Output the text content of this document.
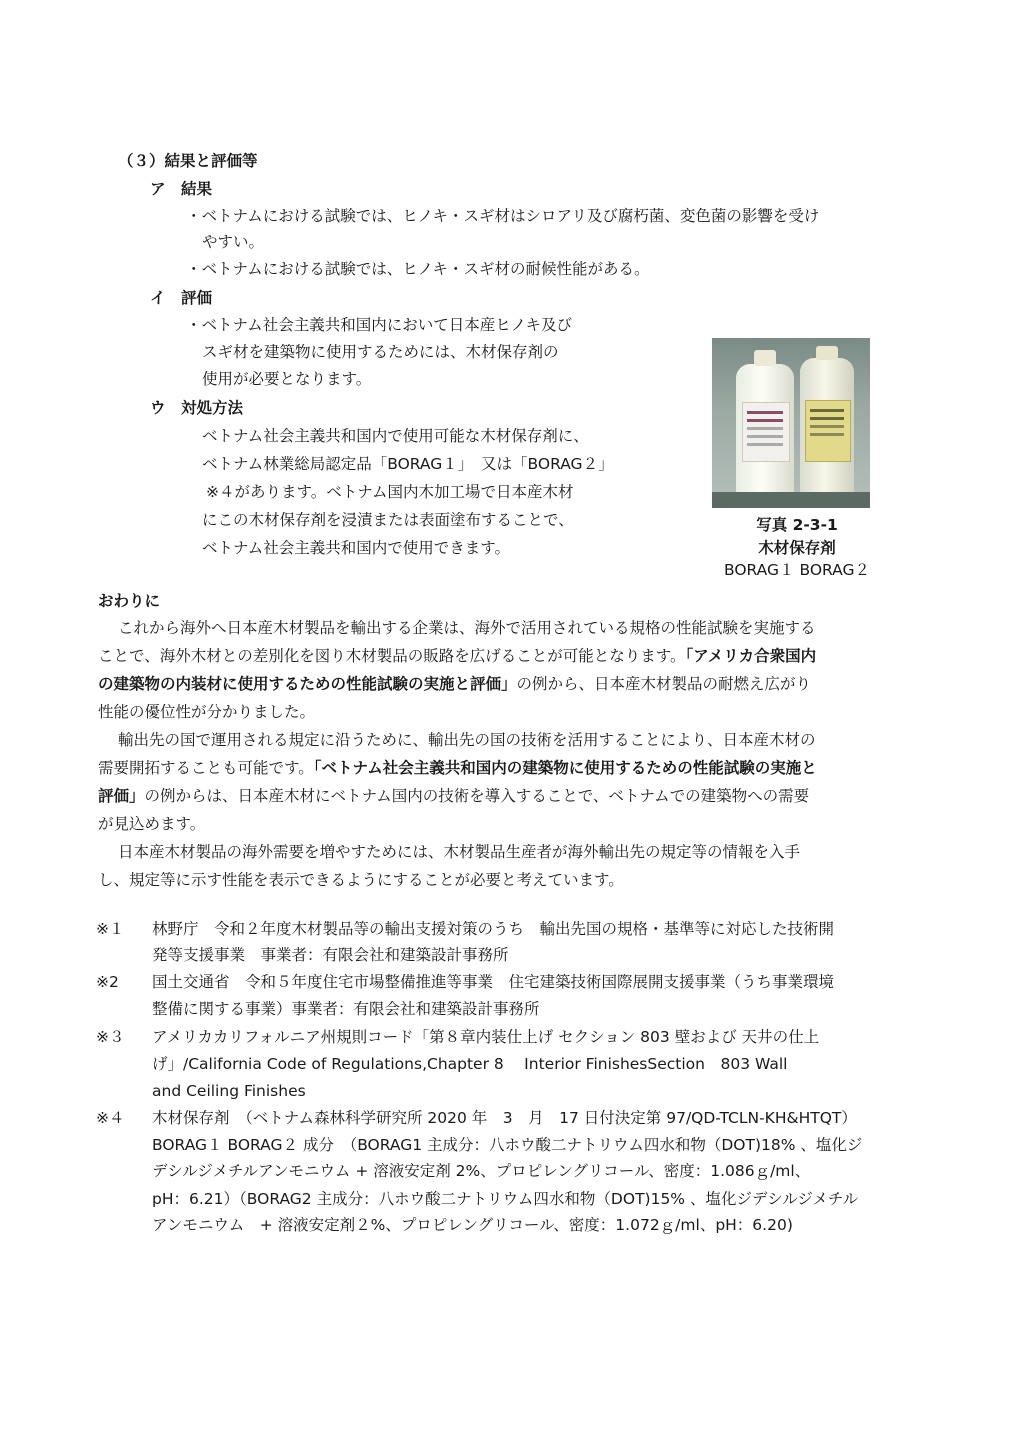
（３）結果と評価等
ア　結果
・ベトナムにおける試験では、ヒノキ・スギ材はシロアリ及び腐朽菌、変色菌の影響を受け
やすい。
・ベトナムにおける試験では、ヒノキ・スギ材の耐候性能がある。
イ　評価
・ベトナム社会主義共和国内において日本産ヒノキ及び
スギ材を建築物に使用するためには、木材保存剤の
使用が必要となります。
ウ　対処方法
ベトナム社会主義共和国内で使用可能な木材保存剤に、
ベトナム林業総局認定品「BORAG１」　又は「BORAG２」
※４があります。ベトナム国内木加工場で日本産木材
にこの木材保存剤を浸漬または表面塗布することで、
ベトナム社会主義共和国内で使用できます。
写真 2-3-1
木材保存剤
BORAG１ BORAG２
おわりに
これから海外へ日本産木材製品を輸出する企業は、海外で活用されている規格の性能試験を実施する
ことで、海外木材との差別化を図り木材製品の販路を広げることが可能となります。「アメリカ合衆国内
の建築物の内装材に使用するための性能試験の実施と評価」の例から、日本産木材製品の耐燃え広がり
性能の優位性が分かりました。
輸出先の国で運用される規定に沿うために、輸出先の国の技術を活用することにより、日本産木材の
需要開拓することも可能です。「ベトナム社会主義共和国内の建築物に使用するための性能試験の実施と
評価」の例からは、日本産木材にベトナム国内の技術を導入することで、ベトナムでの建築物への需要
が見込めます。
日本産木材製品の海外需要を増やすためには、木材製品生産者が海外輸出先の規定等の情報を入手
し、規定等に示す性能を表示できるようにすることが必要と考えています。
※１ 林野庁　令和２年度木材製品等の輸出支援対策のうち　輸出先国の規格・基準等に対応した技術開
発等支援事業　事業者：有限会社和建築設計事務所
※2 国土交通省　令和５年度住宅市場整備推進等事業　住宅建築技術国際展開支援事業（うち事業環境
整備に関する事業）事業者：有限会社和建築設計事務所
※３ アメリカカリフォルニア州規則コード「第８章内装仕上げ セクション 803 壁および 天井の仕上
げ」/California Code of Regulations,Chapter 8　 Interior FinishesSection　803 Wall
and Ceiling Finishes
※４ 木材保存剤　（ベトナム森林科学研究所 2020 年　3　月　17 日付決定第 97/QD-TCLN-KH&HTQT）
BORAG１ BORAG２ 成分　（BORAG1 主成分：八ホウ酸二ナトリウム四水和物（DOT)18% 、塩化ジ
デシルジメチルアンモニウム + 溶液安定剤 2%、プロピレングリコール、密度：1.086ｇ/ml、
pH：6.21）（BORAG2 主成分：八ホウ酸二ナトリウム四水和物（DOT)15% 、塩化ジデシルジメチル
アンモニウム　+ 溶液安定剤２%、プロピレングリコール、密度：1.072ｇ/ml、pH：6.20)
